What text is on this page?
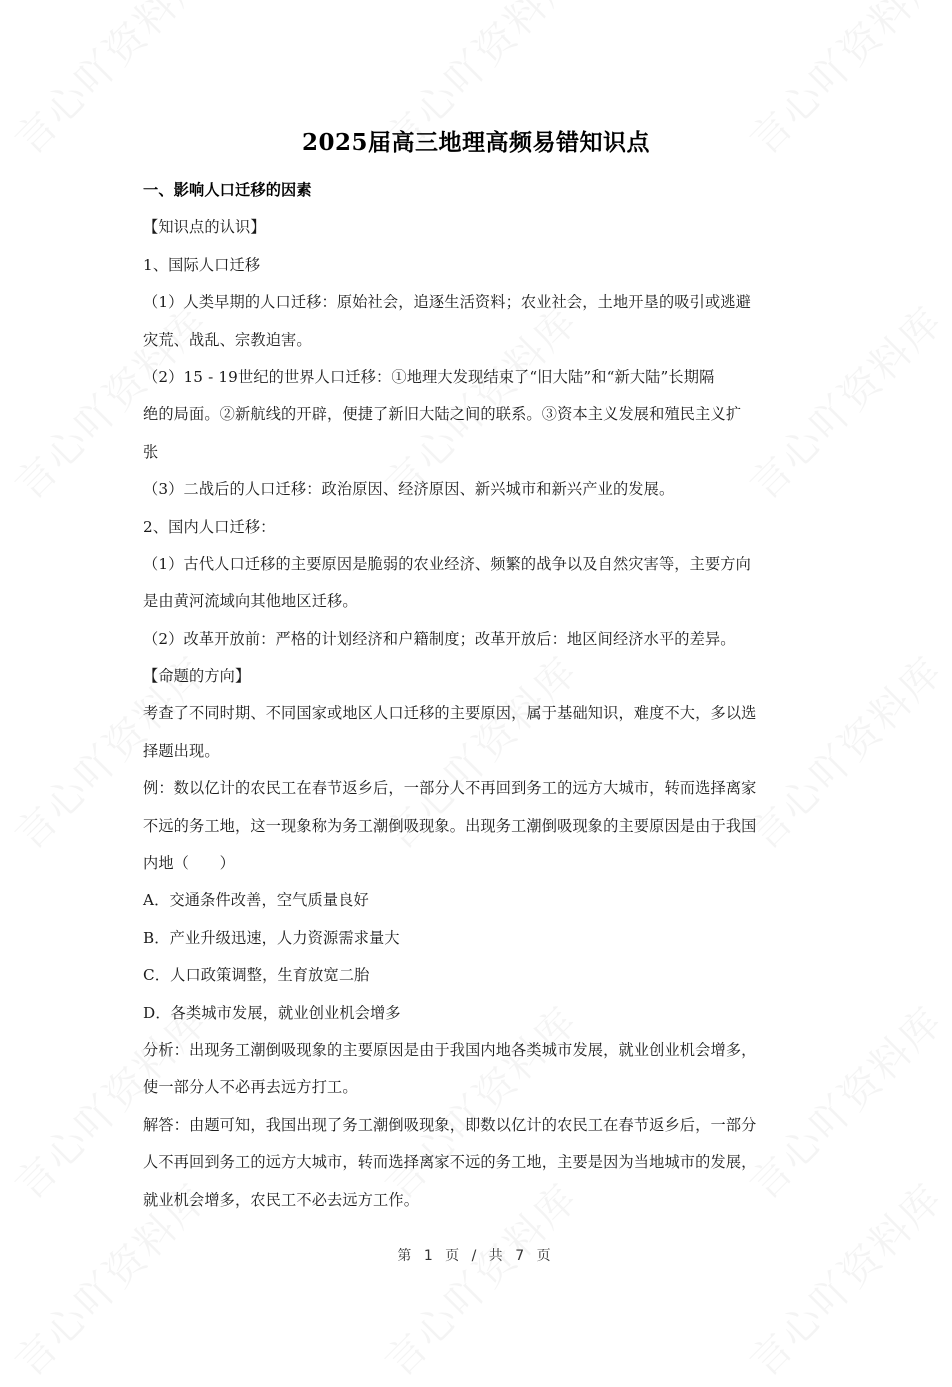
2025届高三地理高频易错知识点
一、影响人口迁移的因素
【知识点的认识】
1、国际人口迁移
（1）人类早期的人口迁移：原始社会，追逐生活资料；农业社会，土地开垦的吸引或逃避
灾荒、战乱、宗教迫害。
（2）15 - 19世纪的世界人口迁移：①地理大发现结束了“旧大陆”和“新大陆”长期隔
绝的局面。②新航线的开辟，便捷了新旧大陆之间的联系。③资本主义发展和殖民主义扩
张
（3）二战后的人口迁移：政治原因、经济原因、新兴城市和新兴产业的发展。
2、国内人口迁移：
（1）古代人口迁移的主要原因是脆弱的农业经济、频繁的战争以及自然灾害等，主要方向
是由黄河流域向其他地区迁移。
（2）改革开放前：严格的计划经济和户籍制度；改革开放后：地区间经济水平的差异。
【命题的方向】
考查了不同时期、不同国家或地区人口迁移的主要原因，属于基础知识，难度不大，多以选
择题出现。
例：数以亿计的农民工在春节返乡后，一部分人不再回到务工的远方大城市，转而选择离家
不远的务工地，这一现象称为务工潮倒吸现象。出现务工潮倒吸现象的主要原因是由于我国
内地（　　）
A．交通条件改善，空气质量良好
B．产业升级迅速，人力资源需求量大
C．人口政策调整，生育放宽二胎
D．各类城市发展，就业创业机会增多
分析：出现务工潮倒吸现象的主要原因是由于我国内地各类城市发展，就业创业机会增多，
使一部分人不必再去远方打工。
解答：由题可知，我国出现了务工潮倒吸现象，即数以亿计的农民工在春节返乡后，一部分
人不再回到务工的远方大城市，转而选择离家不远的务工地，主要是因为当地城市的发展，
就业机会增多，农民工不必去远方工作。
第 1 页 / 共 7 页
